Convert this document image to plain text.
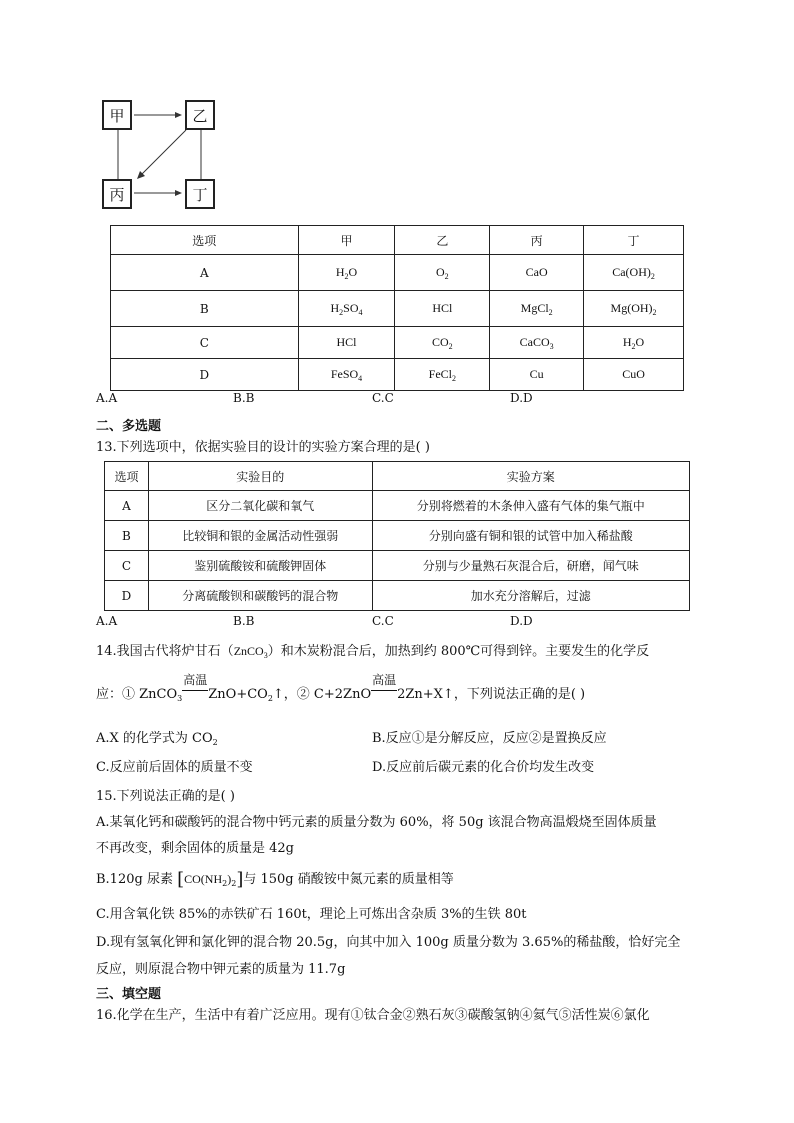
甲	乙
丙	丁
选项	甲	乙	丙	丁
A	$H_2O$	$O_2$	CaO	$Ca(OH)_2$
B	$H_2SO_4$	HCl	MgCl$_2$	$Mg(OH)_2$
C	HCl	$CO_2$	CaCO$_3$	$H_2O$
D	FeSO$_4$	FeCl$_2$	Cu	CuO
A.A	B.B	C.C	D.D
二、多选题
13.下列选项中，依据实验目的设计的实验方案合理的是( )
选项	实验目的	实验方案
A	区分二氧化碳和氧气	分别将燃着的木条伸入盛有气体的集气瓶中
B	比较铜和银的金属活动性强弱	分别向盛有铜和银的试管中加入稀盐酸
C	鉴别硫酸铵和硫酸钾固体	分别与少量熟石灰混合后，研磨，闻气味
D	分离硫酸钡和碳酸钙的混合物	加水充分溶解后，过滤
A.A	B.B	C.C	D.D
14.我国古代将炉甘石（ZnCO$_3$）和木炭粉混合后，加热到约 800℃可得到锌。主要发生的化学反
应：① ZnCO$_3$
高温
$ZnO+CO_2↑$，② C+2ZnO
高温
2Zn+X↑，下列说法正确的是( )
A.X 的化学式为 $CO_2$	B.反应①是分解反应，反应②是置换反应
C.反应前后固体的质量不变	D.反应前后碳元素的化合价均发生改变
15.下列说法正确的是( )
A.某氧化钙和碳酸钙的混合物中钙元素的质量分数为 60%，将 50g 该混合物高温煅烧至固体质量
不再改变，剩余固体的质量是 42g
B.120g 尿素 $[CO(NH_2)_2]$与 150g 硝酸铵中氮元素的质量相等
C.用含氧化铁 85%的赤铁矿石 160t，理论上可炼出含杂质 3%的生铁 80t
D.现有氢氧化钾和氯化钾的混合物 20.5g，向其中加入 100g 质量分数为 3.65%的稀盐酸，恰好完全
反应，则原混合物中钾元素的质量为 11.7g
三、填空题
16.化学在生产，生活中有着广泛应用。现有①钛合金②熟石灰③碳酸氢钠④氦气⑤活性炭⑥氯化
